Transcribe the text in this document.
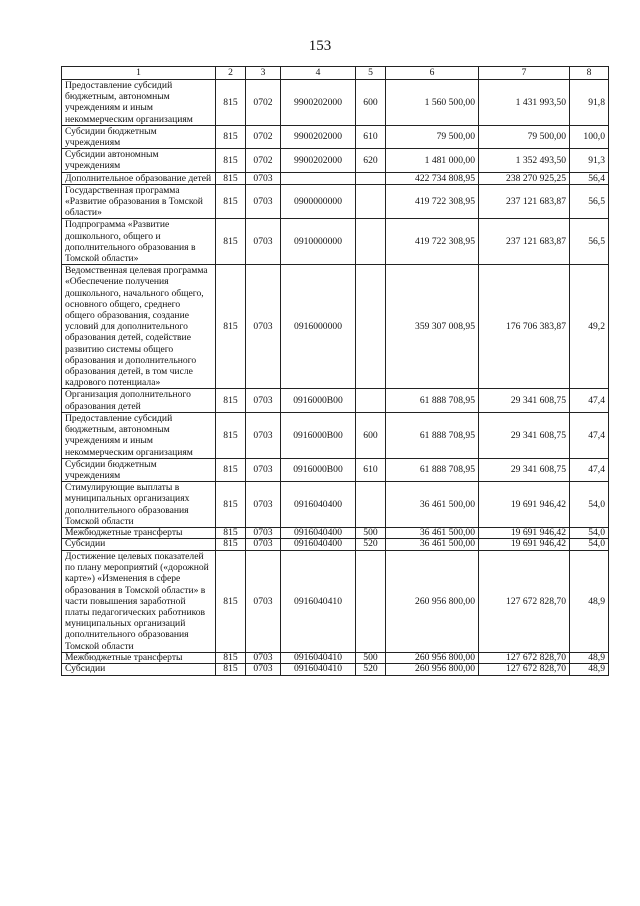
153
1	2	3	4	5	6	7	8
Предоставление субсидий бюджетным, автономным учреждениям и иным некоммерческим организациям	815	0702	9900202000	600	1 560 500,00	1 431 993,50	91,8
Субсидии бюджетным учреждениям	815	0702	9900202000	610	79 500,00	79 500,00	100,0
Субсидии автономным учреждениям	815	0702	9900202000	620	1 481 000,00	1 352 493,50	91,3
Дополнительное образование детей	815	0703			422 734 808,95	238 270 925,25	56,4
Государственная программа «Развитие образования в Томской области»	815	0703	0900000000		419 722 308,95	237 121 683,87	56,5
Подпрограмма «Развитие дошкольного, общего и дополнительного образования в Томской области»	815	0703	0910000000		419 722 308,95	237 121 683,87	56,5
Ведомственная целевая программа «Обеспечение получения дошкольного, начального общего, основного общего, среднего общего образования, создание условий для дополнительного образования детей, содействие развитию системы общего образования и дополнительного образования детей, в том числе кадрового потенциала»	815	0703	0916000000		359 307 008,95	176 706 383,87	49,2
Организация дополнительного образования детей	815	0703	0916000В00		61 888 708,95	29 341 608,75	47,4
Предоставление субсидий бюджетным, автономным учреждениям и иным некоммерческим организациям	815	0703	0916000В00	600	61 888 708,95	29 341 608,75	47,4
Субсидии бюджетным учреждениям	815	0703	0916000В00	610	61 888 708,95	29 341 608,75	47,4
Стимулирующие выплаты в муниципальных организациях дополнительного образования Томской области	815	0703	0916040400		36 461 500,00	19 691 946,42	54,0
Межбюджетные трансферты	815	0703	0916040400	500	36 461 500,00	19 691 946,42	54,0
Субсидии	815	0703	0916040400	520	36 461 500,00	19 691 946,42	54,0
Достижение целевых показателей по плану мероприятий («дорожной карте») «Изменения в сфере образования в Томской области» в части повышения заработной платы педагогических работников муниципальных организаций дополнительного образования Томской области	815	0703	0916040410		260 956 800,00	127 672 828,70	48,9
Межбюджетные трансферты	815	0703	0916040410	500	260 956 800,00	127 672 828,70	48,9
Субсидии	815	0703	0916040410	520	260 956 800,00	127 672 828,70	48,9
